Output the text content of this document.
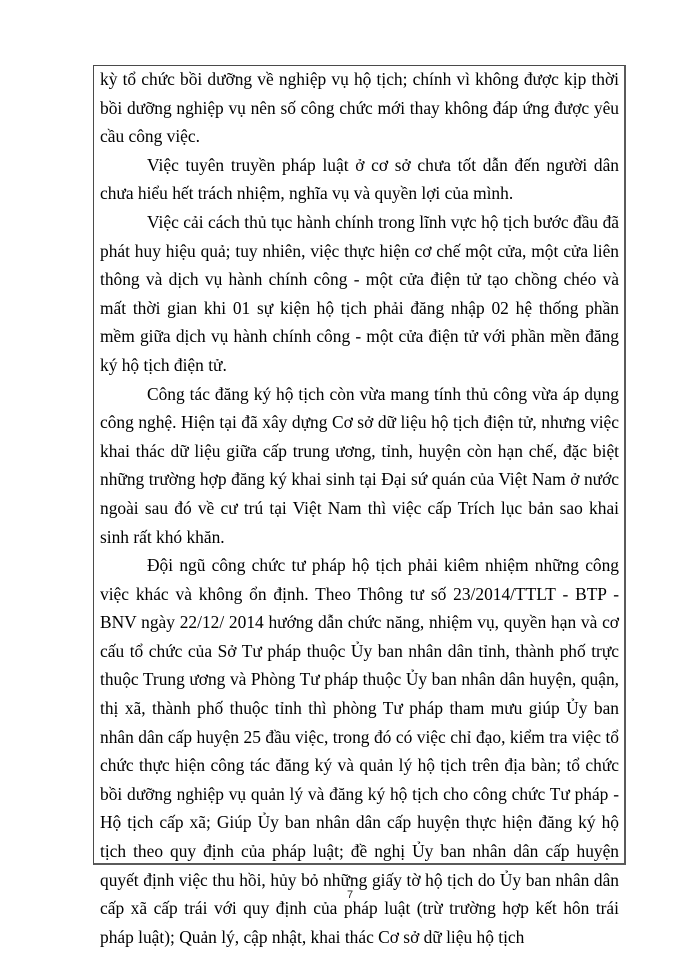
kỳ tổ chức bồi dưỡng về nghiệp vụ hộ tịch; chính vì không được kịp thời bồi dưỡng nghiệp vụ nên số công chức mới thay không đáp ứng được yêu cầu công việc.

Việc tuyên truyền pháp luật ở cơ sở chưa tốt dẫn đến người dân chưa hiểu hết trách nhiệm, nghĩa vụ và quyền lợi của mình.

Việc cải cách thủ tục hành chính trong lĩnh vực hộ tịch bước đầu đã phát huy hiệu quả; tuy nhiên, việc thực hiện cơ chế một cửa, một cửa liên thông và dịch vụ hành chính công - một cửa điện tử tạo chồng chéo và mất thời gian khi 01 sự kiện hộ tịch phải đăng nhập 02 hệ thống phần mềm giữa dịch vụ hành chính công - một cửa điện tử với phần mền đăng ký hộ tịch điện tử.

Công tác đăng ký hộ tịch còn vừa mang tính thủ công vừa áp dụng công nghệ. Hiện tại đã xây dựng Cơ sở dữ liệu hộ tịch điện tử, nhưng việc khai thác dữ liệu giữa cấp trung ương, tỉnh, huyện còn hạn chế, đặc biệt những trường hợp đăng ký khai sinh tại Đại sứ quán của Việt Nam ở nước ngoài sau đó về cư trú tại Việt Nam thì việc cấp Trích lục bản sao khai sinh rất khó khăn.

Đội ngũ công chức tư pháp hộ tịch phải kiêm nhiệm những công việc khác và không ổn định. Theo Thông tư số 23/2014/TTLT - BTP - BNV ngày 22/12/ 2014 hướng dẫn chức năng, nhiệm vụ, quyền hạn và cơ cấu tổ chức của Sở Tư pháp thuộc Ủy ban nhân dân tỉnh, thành phố trực thuộc Trung ương và Phòng Tư pháp thuộc Ủy ban nhân dân huyện, quận, thị xã, thành phố thuộc tỉnh thì phòng Tư pháp tham mưu giúp Ủy ban nhân dân cấp huyện 25 đầu việc, trong đó có việc chỉ đạo, kiểm tra việc tổ chức thực hiện công tác đăng ký và quản lý hộ tịch trên địa bàn; tổ chức bồi dưỡng nghiệp vụ quản lý và đăng ký hộ tịch cho công chức Tư pháp - Hộ tịch cấp xã; Giúp Ủy ban nhân dân cấp huyện thực hiện đăng ký hộ tịch theo quy định của pháp luật; đề nghị Ủy ban nhân dân cấp huyện quyết định việc thu hồi, hủy bỏ những giấy tờ hộ tịch do Ủy ban nhân dân cấp xã cấp trái với quy định của pháp luật (trừ trường hợp kết hôn trái pháp luật); Quản lý, cập nhật, khai thác Cơ sở dữ liệu hộ tịch

7
